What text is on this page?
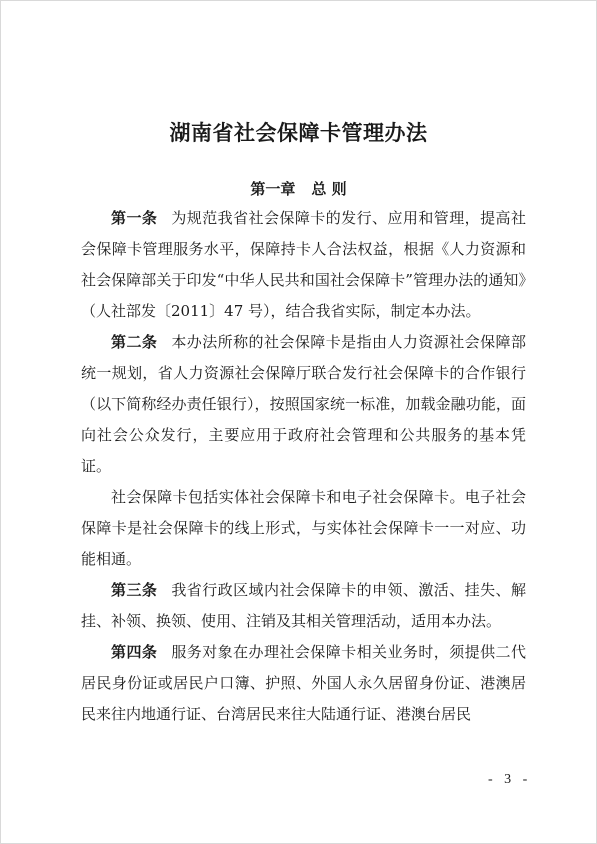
湖南省社会保障卡管理办法
第一章 总 则

第一条 为规范我省社会保障卡的发行、应用和管理，提高社会保障卡管理服务水平，保障持卡人合法权益，根据《人力资源和社会保障部关于印发“中华人民共和国社会保障卡”管理办法的通知》（人社部发〔2011〕47 号），结合我省实际，制定本办法。

第二条 本办法所称的社会保障卡是指由人力资源社会保障部统一规划，省人力资源社会保障厅联合发行社会保障卡的合作银行（以下简称经办责任银行），按照国家统一标准，加载金融功能，面向社会公众发行，主要应用于政府社会管理和公共服务的基本凭证。

社会保障卡包括实体社会保障卡和电子社会保障卡。电子社会保障卡是社会保障卡的线上形式，与实体社会保障卡一一对应、功能相通。

第三条 我省行政区域内社会保障卡的申领、激活、挂失、解挂、补领、换领、使用、注销及其相关管理活动，适用本办法。

第四条 服务对象在办理社会保障卡相关业务时，须提供二代居民身份证或居民户口簿、护照、外国人永久居留身份证、港澳居民来往内地通行证、台湾居民来往大陆通行证、港澳台居民

- 3 -
